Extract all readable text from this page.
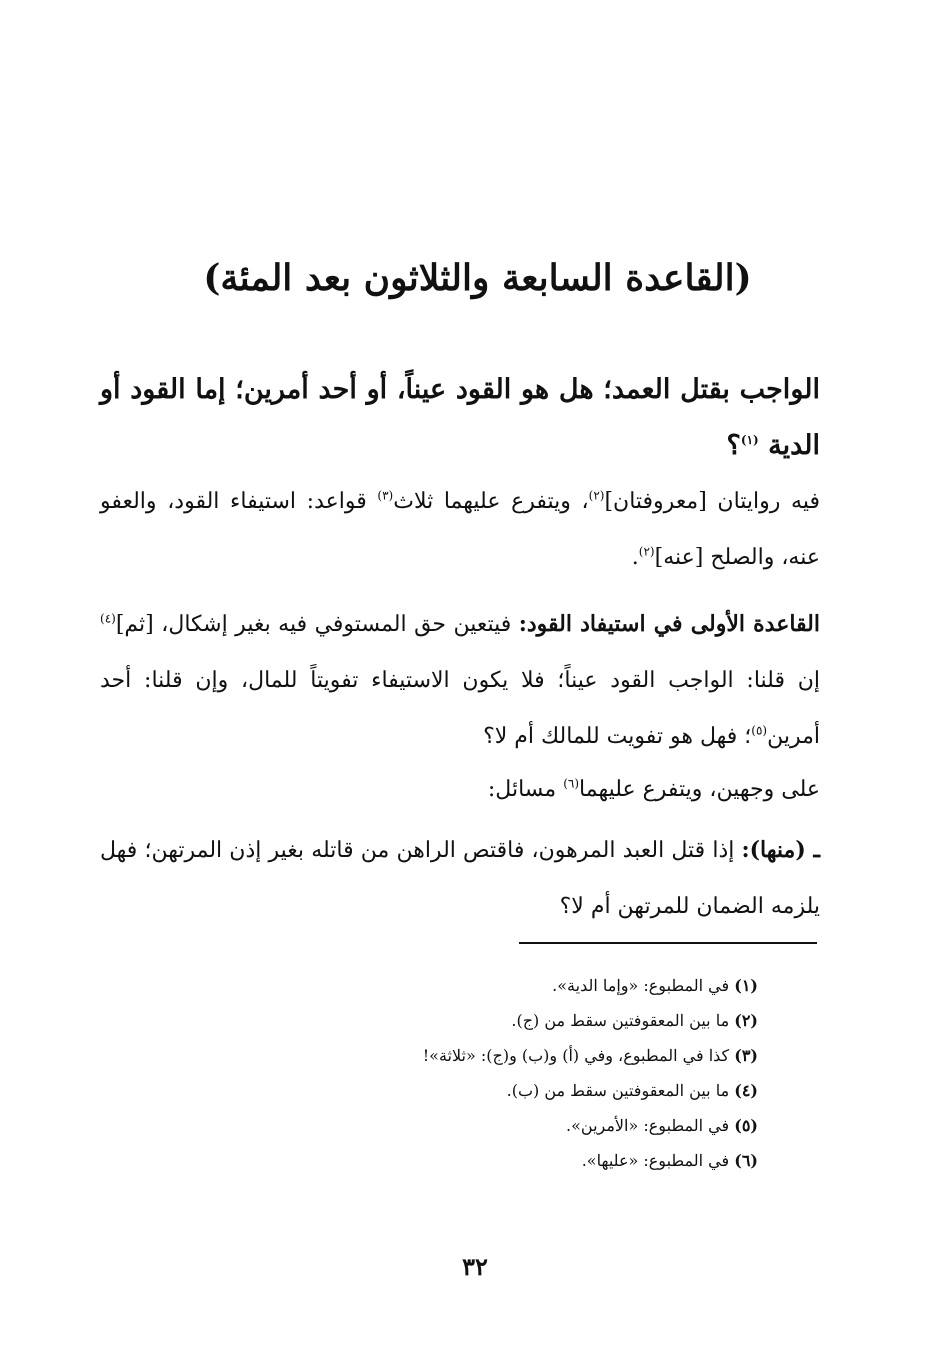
(القاعدة السابعة والثلاثون بعد المئة)
الواجب بقتل العمد؛ هل هو القود عيناً، أو أحد أمرين؛ إما القود أو الدية $^{(١)}$؟
فيه روايتان [معروفتان]$^{(٢)}$، ويتفرع عليهما ثلاث$^{(٣)}$ قواعد: استيفاء القود، والعفو عنه، والصلح [عنه]$^{(٢)}$.
القاعدة الأولى في استيفاد القود: فيتعين حق المستوفي فيه بغير إشكال، [ثم]$^{(٤)}$ إن قلنا: الواجب القود عيناً؛ فلا يكون الاستيفاء تفويتاً للمال، وإن قلنا: أحد أمرين$^{(٥)}$؛ فهل هو تفويت للمالك أم لا؟
على وجهين، ويتفرع عليهما$^{(٦)}$ مسائل:
ـ (منها): إذا قتل العبد المرهون، فاقتص الراهن من قاتله بغير إذن المرتهن؛ فهل يلزمه الضمان للمرتهن أم لا؟
(١) في المطبوع: «وإما الدية».
(٢) ما بين المعقوفتين سقط من (ج).
(٣) كذا في المطبوع، وفي (أ) و(ب) و(ج): «ثلاثة»!
(٤) ما بين المعقوفتين سقط من (ب).
(٥) في المطبوع: «الأمرين».
(٦) في المطبوع: «عليها».
٣٢
